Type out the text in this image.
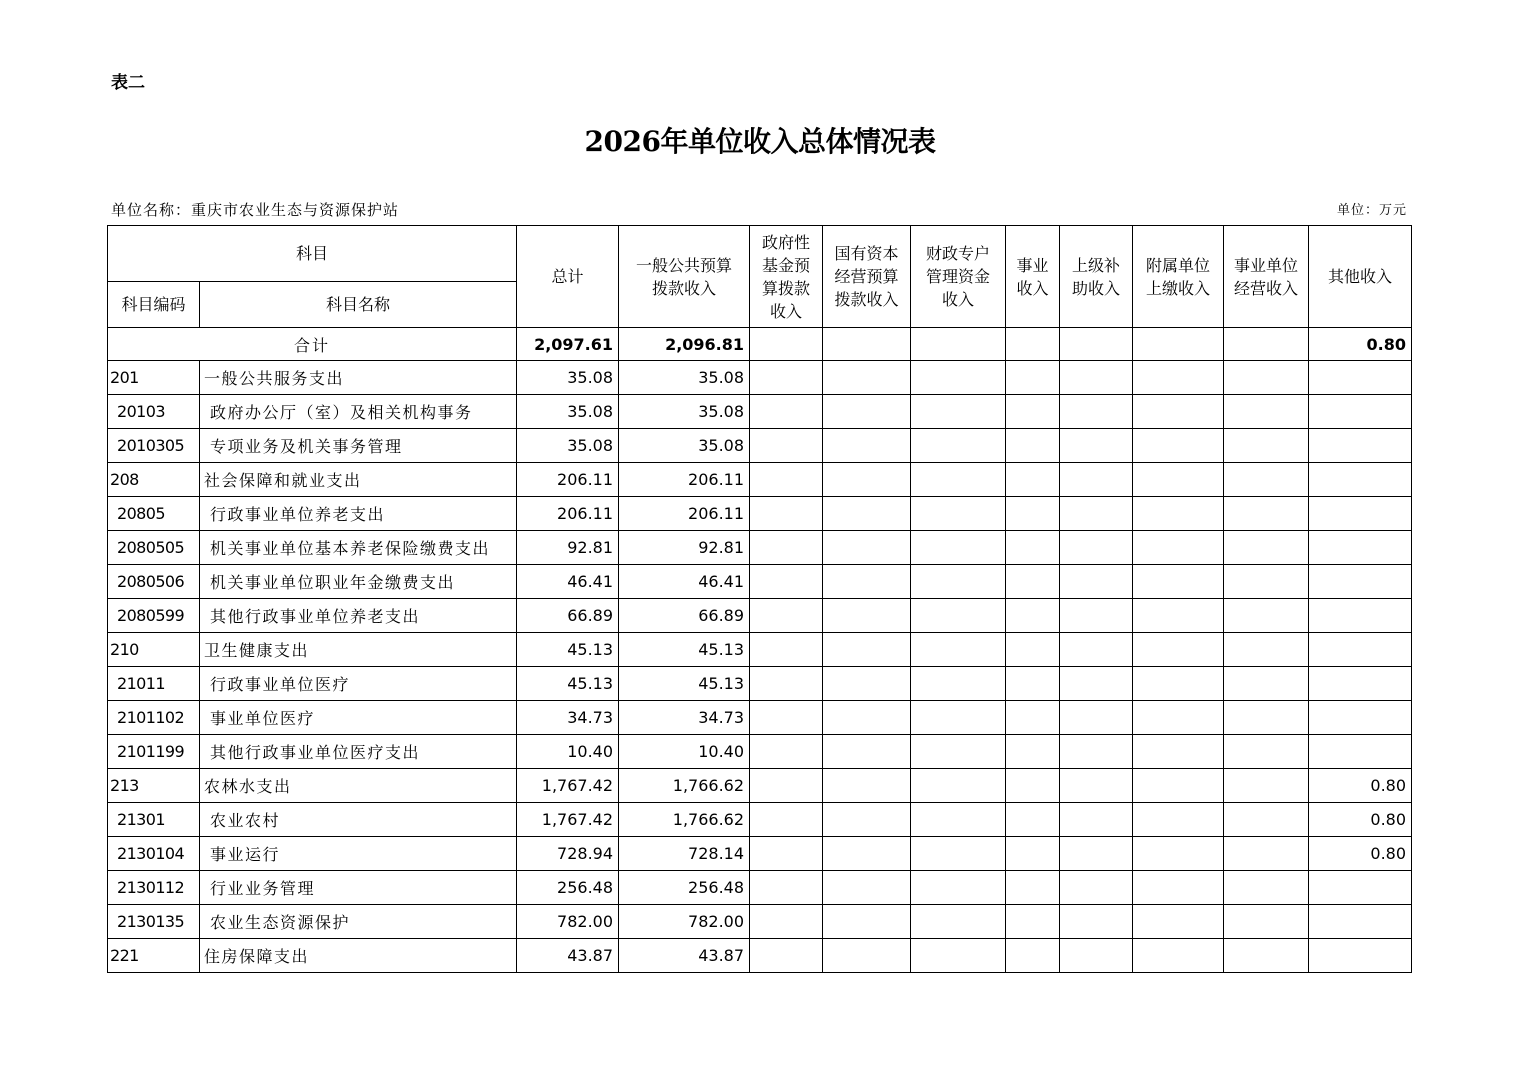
表二
2026年单位收入总体情况表
单位名称：重庆市农业生态与资源保护站	单位：万元
科目		总计	一般公共预算拨款收入	政府性基金预算拨款收入	国有资本经营预算拨款收入	财政专户管理资金收入	事业收入	上级补助收入	附属单位上缴收入	事业单位经营收入	其他收入
科目编码	科目名称										
合计		2,097.61	2,096.81								0.80
201	一般公共服务支出	35.08	35.08								
20103	政府办公厅（室）及相关机构事务	35.08	35.08								
2010305	专项业务及机关事务管理	35.08	35.08								
208	社会保障和就业支出	206.11	206.11								
20805	行政事业单位养老支出	206.11	206.11								
2080505	机关事业单位基本养老保险缴费支出	92.81	92.81								
2080506	机关事业单位职业年金缴费支出	46.41	46.41								
2080599	其他行政事业单位养老支出	66.89	66.89								
210	卫生健康支出	45.13	45.13								
21011	行政事业单位医疗	45.13	45.13								
2101102	事业单位医疗	34.73	34.73								
2101199	其他行政事业单位医疗支出	10.40	10.40								
213	农林水支出	1,767.42	1,766.62								0.80
21301	农业农村	1,767.42	1,766.62								0.80
2130104	事业运行	728.94	728.14								0.80
2130112	行业业务管理	256.48	256.48								
2130135	农业生态资源保护	782.00	782.00								
221	住房保障支出	43.87	43.87								
